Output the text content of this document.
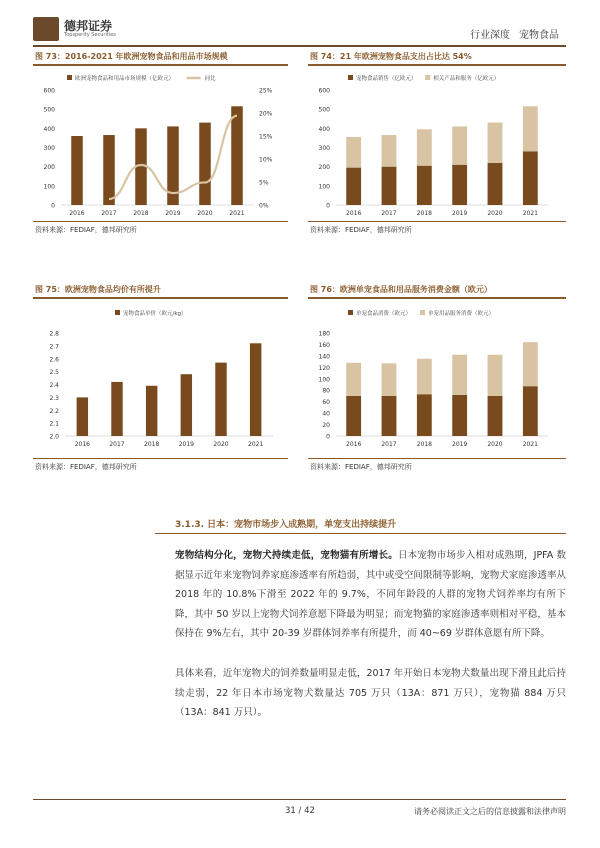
德邦证券
Topsperity Securities	行业深度 宠物食品
图 73：2016-2021 年欧洲宠物食品和用品市场规模	图 74：21 年欧洲宠物食品支出占比达 54%
图 75：欧洲宠物食品均价有所提升	图 76：欧洲单宠食品和用品服务消费金额（欧元）
0
100
200
300
400
500
600
0%
5%
10%
15%
20%
25%
2016	2017	2018	2019	2020	2021
欧洲宠物食品和用品市场规模（亿欧元）	同比
0
100
200
300
400
500
600
2016	2017	2018	2019	2020	2021
宠物食品销售（亿欧元）	相关产品和服务（亿欧元）
2.0
2.1
2.2
2.3
2.4
2.5
2.6
2.7
2.8
2016	2017	2018	2019	2020	2021
宠物食品单价（欧元/kg）
0
20
40
60
80
100
120
140
160
180
2016	2017	2018	2019	2020	2021
单宠食品消费（欧元）	单宠用品服务消费（欧元）
资料来源：FEDIAF，德邦研究所	资料来源：FEDIAF，德邦研究所
资料来源：FEDIAF，德邦研究所	资料来源：FEDIAF，德邦研究所
3.1.3. 日本：宠物市场步入成熟期，单宠支出持续提升
宠物结构分化，宠物犬持续走低，宠物猫有所增长。日本宠物市场步入相对成熟期，JPFA 数据显示近年来宠物饲养家庭渗透率有所趋弱，其中或受空间限制等影响，宠物犬家庭渗透率从 2018 年的 10.8%下滑至 2022 年的 9.7%，不同年龄段的人群的宠物犬饲养率均有所下降，其中 50 岁以上宠物犬饲养意愿下降最为明显；而宠物猫的家庭渗透率则相对平稳，基本保持在 9%左右，其中 20-39 岁群体饲养率有所提升，而 40~69 岁群体意愿有所下降。
具体来看，近年宠物犬的饲养数量明显走低，2017 年开始日本宠物犬数量出现下滑且此后持续走弱，22 年日本市场宠物犬数量达 705 万只（13A：871 万只），宠物猫 884 万只（13A：841 万只）。
31 / 42	请务必阅读正文之后的信息披露和法律声明
